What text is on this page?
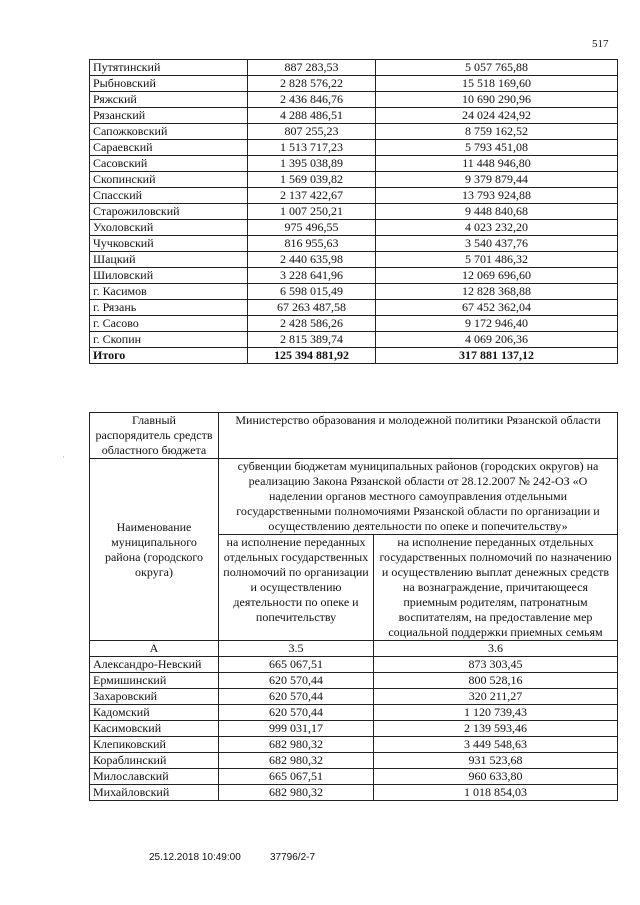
517
Путятинский	887 283,53	5 057 765,88
Рыбновский	2 828 576,22	15 518 169,60
Ряжский	2 436 846,76	10 690 290,96
Рязанский	4 288 486,51	24 024 424,92
Сапожковский	807 255,23	8 759 162,52
Сараевский	1 513 717,23	5 793 451,08
Сасовский	1 395 038,89	11 448 946,80
Скопинский	1 569 039,82	9 379 879,44
Спасский	2 137 422,67	13 793 924,88
Старожиловский	1 007 250,21	9 448 840,68
Ухоловский	975 496,55	4 023 232,20
Чучковский	816 955,63	3 540 437,76
Шацкий	2 440 635,98	5 701 486,32
Шиловский	3 228 641,96	12 069 696,60
г. Касимов	6 598 015,49	12 828 368,88
г. Рязань	67 263 487,58	67 452 362,04
г. Сасово	2 428 586,26	9 172 946,40
г. Скопин	2 815 389,74	4 069 206,36
Итого	125 394 881,92	317 881 137,12
·
Главный распорядитель средств областного бюджета	Министерство образования и молодежной политики Рязанской области	
Наименование муниципального района (городского округа)	субвенции бюджетам муниципальных районов (городских округов) на реализацию Закона Рязанской области от 28.12.2007 № 242-ОЗ «О наделении органов местного самоуправления отдельными государственными полномочиями Рязанской области по организации и осуществлению деятельности по опеке и попечительству»	
	на исполнение переданных отдельных государственных полномочий по организации и осуществлению деятельности по опеке и попечительству	на исполнение переданных отдельных государственных полномочий по назначению и осуществлению выплат денежных средств на вознаграждение, причитающееся приемным родителям, патронатным воспитателям, на предоставление мер социальной поддержки приемных семьям
А	3.5	3.6
Александро-Невский	665 067,51	873 303,45
Ермишинский	620 570,44	800 528,16
Захаровский	620 570,44	320 211,27
Кадомский	620 570,44	1 120 739,43
Касимовский	999 031,17	2 139 593,46
Клепиковский	682 980,32	3 449 548,63
Кораблинский	682 980,32	931 523,68
Милославский	665 067,51	960 633,80
Михайловский	682 980,32	1 018 854,03
25.12.2018 10:49:00	37796/2-7
